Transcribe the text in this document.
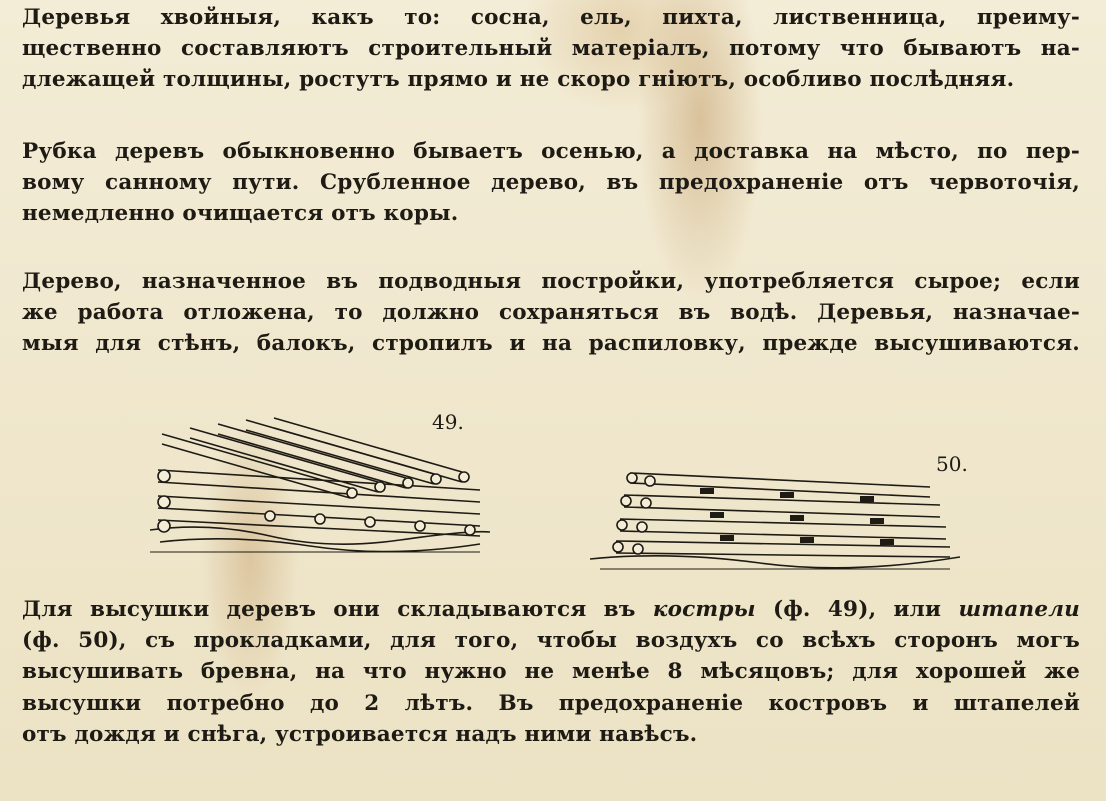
Деревья хвойныя, какъ то: сосна, ель, пихта, лиственница, преиму-
щественно составляютъ строительный матеріалъ, потому что бываютъ на-
длежащей толщины, ростутъ прямо и не скоро гніютъ, особливо послѣдняя.

Рубка деревъ обыкновенно бываетъ осенью, а доставка на мѣсто, по пер-
вому санному пути. Срубленное дерево, въ предохраненіе отъ червоточія,
немедленно очищается отъ коры.

Дерево, назначенное въ подводныя постройки, употребляется сырое; если
же работа отложена, то должно сохраняться въ водѣ. Деревья, назначае-
мыя для стѣнъ, балокъ, стропилъ и на распиловку, прежде высушиваются.

49.
50.

Для высушки деревъ они складываются въ костры (ф. 49), или штапели
(ф. 50), съ прокладками, для того, чтобы воздухъ со всѣхъ сторонъ могъ
высушивать бревна, на что нужно не менѣе 8 мѣсяцовъ; для хорошей же
высушки потребно до 2 лѣтъ. Въ предохраненіе костровъ и штапелей
отъ дождя и снѣга, устроивается надъ ними навѣсъ.
